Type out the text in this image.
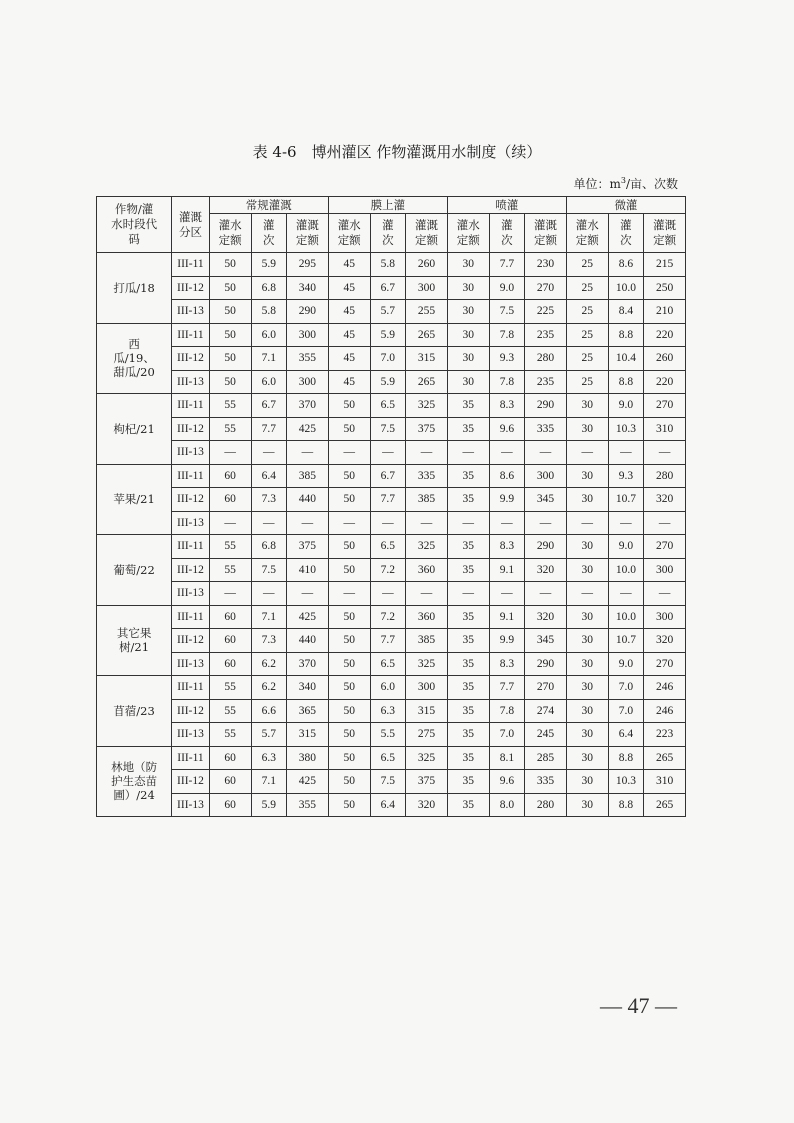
表 4-6　博州灌区 作物灌溉用水制度（续）
单位：$m^3/$亩、次数
作物/灌水时段代码	灌溉分区	常规灌溉			膜上灌			喷灌			微灌		
		灌水定额	灌次	灌溉定额	灌水定额	灌次	灌溉定额	灌水定额	灌次	灌溉定额	灌水定额	灌次	灌溉定额
打瓜/18	III-11	50	5.9	295	45	5.8	260	30	7.7	230	25	8.6	215
	III-12	50	6.8	340	45	6.7	300	30	9.0	270	25	10.0	250
	III-13	50	5.8	290	45	5.7	255	30	7.5	225	25	8.4	210
西瓜/19、甜瓜/20	III-11	50	6.0	300	45	5.9	265	30	7.8	235	25	8.8	220
	III-12	50	7.1	355	45	7.0	315	30	9.3	280	25	10.4	260
	III-13	50	6.0	300	45	5.9	265	30	7.8	235	25	8.8	220
枸杞/21	III-11	55	6.7	370	50	6.5	325	35	8.3	290	30	9.0	270
	III-12	55	7.7	425	50	7.5	375	35	9.6	335	30	10.3	310
	III-13	—	—	—	—	—	—	—	—	—	—	—	—
苹果/21	III-11	60	6.4	385	50	6.7	335	35	8.6	300	30	9.3	280
	III-12	60	7.3	440	50	7.7	385	35	9.9	345	30	10.7	320
	III-13	—	—	—	—	—	—	—	—	—	—	—	—
葡萄/22	III-11	55	6.8	375	50	6.5	325	35	8.3	290	30	9.0	270
	III-12	55	7.5	410	50	7.2	360	35	9.1	320	30	10.0	300
	III-13	—	—	—	—	—	—	—	—	—	—	—	—
其它果树/21	III-11	60	7.1	425	50	7.2	360	35	9.1	320	30	10.0	300
	III-12	60	7.3	440	50	7.7	385	35	9.9	345	30	10.7	320
	III-13	60	6.2	370	50	6.5	325	35	8.3	290	30	9.0	270
苜蓿/23	III-11	55	6.2	340	50	6.0	300	35	7.7	270	30	7.0	246
	III-12	55	6.6	365	50	6.3	315	35	7.8	274	30	7.0	246
	III-13	55	5.7	315	50	5.5	275	35	7.0	245	30	6.4	223
林地（防护生态苗圃）/24	III-11	60	6.3	380	50	6.5	325	35	8.1	285	30	8.8	265
	III-12	60	7.1	425	50	7.5	375	35	9.6	335	30	10.3	310
	III-13	60	5.9	355	50	6.4	320	35	8.0	280	30	8.8	265
— 47 —
